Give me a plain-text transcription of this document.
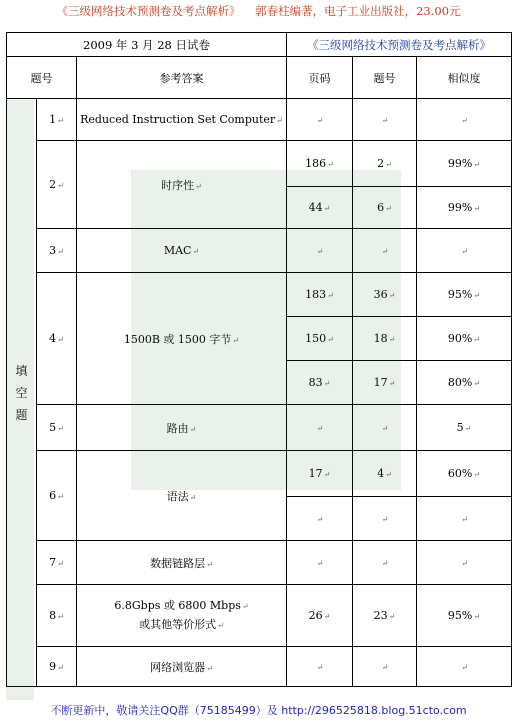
《三级网络技术预测卷及考点解析》 郭春柱编著，电子工业出版社，23.00元
2009 年 3 月 28 日试卷			《三级网络技术预测卷及考点解析》		
题号		参考答案	页码	题号	相似度
填
空
题	1↵	Reduced Instruction Set Computer↵	↵	↵	↵
	2↵	时序性↵	186↵	2↵	99%↵
			44↵	6↵	99%↵
	3↵	MAC↵	↵	↵	↵
	4↵	1500B 或 1500 字节↵	183↵	36↵	95%↵
			150↵	18↵	90%↵
			83↵	17↵	80%↵
	5↵	路由↵	↵	↵	5↵
	6↵	语法↵	17↵	4↵	60%↵
			↵	↵	↵
	7↵	数据链路层↵	↵	↵	↵
	8↵	6.8Gbps 或 6800 Mbps↵
或其他等价形式↵	26↵	23↵	95%↵
	9↵	网络浏览器↵	↵	↵	↵
不断更新中，敬请关注QQ群（75185499）及 http://296525818.blog.51cto.com
